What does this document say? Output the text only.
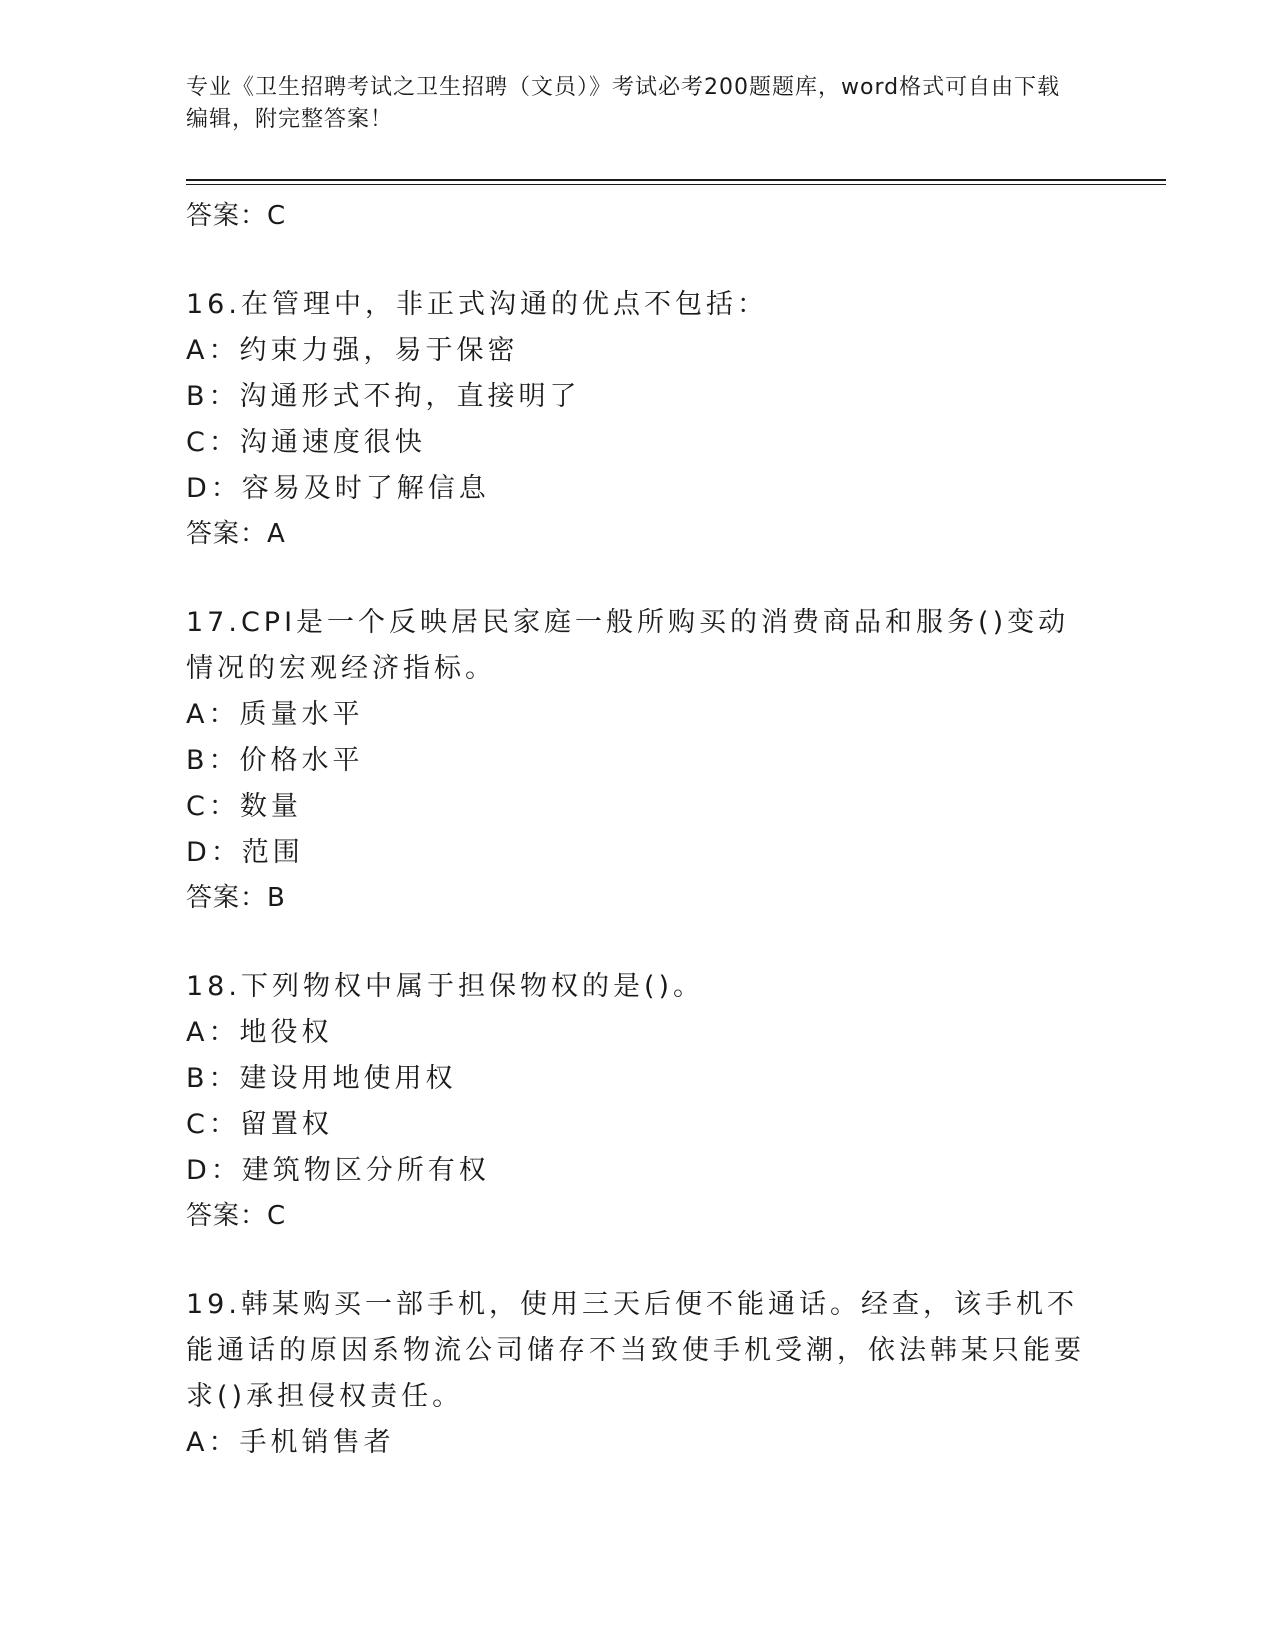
专业《卫生招聘考试之卫生招聘（文员）》考试必考200题题库，word格式可自由下载编辑，附完整答案！

答案：C

16.在管理中，非正式沟通的优点不包括：

A：约束力强，易于保密

B：沟通形式不拘，直接明了

C：沟通速度很快

D：容易及时了解信息

答案：A

17.CPI是一个反映居民家庭一般所购买的消费商品和服务()变动情况的宏观经济指标。

A：质量水平

B：价格水平

C：数量

D：范围

答案：B

18.下列物权中属于担保物权的是()。

A：地役权

B：建设用地使用权

C：留置权

D：建筑物区分所有权

答案：C

19.韩某购买一部手机，使用三天后便不能通话。经查，该手机不能通话的原因系物流公司储存不当致使手机受潮，依法韩某只能要求()承担侵权责任。

A：手机销售者
